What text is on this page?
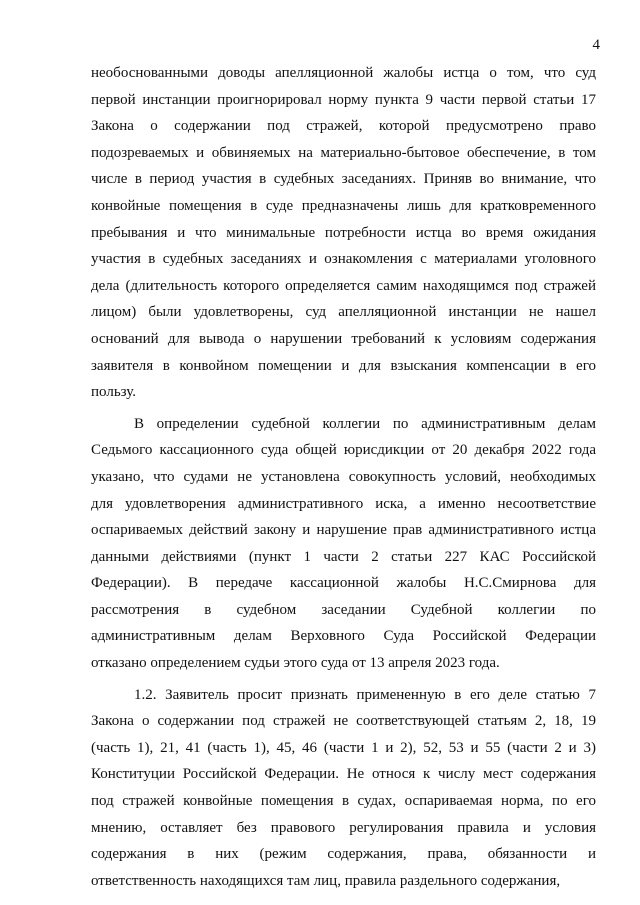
4

необоснованными доводы апелляционной жалобы истца о том, что суд
первой инстанции проигнорировал норму пункта 9 части первой статьи 17
Закона о содержании под стражей, которой предусмотрено право
подозреваемых и обвиняемых на материально-бытовое обеспечение, в том
числе в период участия в судебных заседаниях. Приняв во внимание, что
конвойные помещения в суде предназначены лишь для кратковременного
пребывания и что минимальные потребности истца во время ожидания
участия в судебных заседаниях и ознакомления с материалами уголовного
дела (длительность которого определяется самим находящимся под стражей
лицом) были удовлетворены, суд апелляционной инстанции не нашел
оснований для вывода о нарушении требований к условиям содержания
заявителя в конвойном помещении и для взыскания компенсации в его
пользу.

В определении судебной коллегии по административным делам
Седьмого кассационного суда общей юрисдикции от 20 декабря 2022 года
указано, что судами не установлена совокупность условий, необходимых
для удовлетворения административного иска, а именно несоответствие
оспариваемых действий закону и нарушение прав административного истца
данными действиями (пункт 1 части 2 статьи 227 КАС Российской
Федерации). В передаче кассационной жалобы Н.С.Смирнова для
рассмотрения в судебном заседании Судебной коллегии по
административным делам Верховного Суда Российской Федерации
отказано определением судьи этого суда от 13 апреля 2023 года.

1.2. Заявитель просит признать примененную в его деле статью 7
Закона о содержании под стражей не соответствующей статьям 2, 18, 19
(часть 1), 21, 41 (часть 1), 45, 46 (части 1 и 2), 52, 53 и 55 (части 2 и 3)
Конституции Российской Федерации. Не относя к числу мест содержания
под стражей конвойные помещения в судах, оспариваемая норма, по его
мнению, оставляет без правового регулирования правила и условия
содержания в них (режим содержания, права, обязанности и
ответственность находящихся там лиц, правила раздельного содержания,
